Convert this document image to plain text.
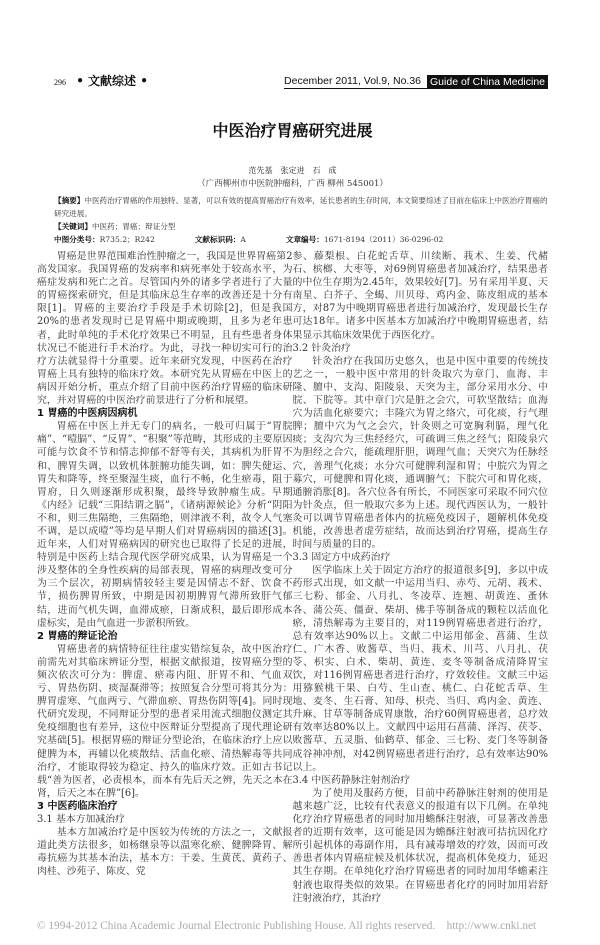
296 • 文献综述 •	December 2011, Vol.9, No.36 Guide of China Medicine
中医治疗胃癌研究进展
范先基　张定进　石　成
（广西柳州市中医院肿瘤科，广西 柳州 545001）
【摘要】中医药治疗胃癌的作用独特、显著，可以有效的提高胃癌治疗有效率，延长患者的生存时间，本文简要综述了目前在临床上中医治疗胃癌的研究进展。
【关键词】中医药；胃癌；辩证分型
中图分类号：R735.2；R242	文献标识码：A	文章编号：1671-8194（2011）36-0296-02

胃癌是世界范围难治性肿瘤之一，我国是世界胃癌第2高发国家。我国胃癌的发病率和病死率处于较高水平，为癌症发病和死亡之首。尽管国内外的诸多学者进行了大量的胃癌探索研究，但是其临床总生存率的改善还是十分有限[1]。胃癌的主要治疗手段是手术切除[2]，但是我国20%的患者发现时已是胃癌中期或晚期，且多为老年患者，此时单纯的手术化疗效果已不明显，且有些患者身体状况已不能进行手术治疗。为此，寻找一种切实可行的治疗方法就显得十分重要。近年来研究发现，中医药在治疗胃癌上具有独特的临床疗效。本研究先从胃癌在中医上的病因开始分析，重点介绍了目前中医药治疗胃癌的临床研究，并对胃癌的中医治疗前景进行了分析和展望。

1 胃癌的中医病因病机

胃癌在中医上并无专门的病名，一般可归属于“胃脘痛”、“噎膈”、“反胃”、“积聚”等范畴，其形成的主要原因可能与饮食不节和情志抑郁不舒等有关，其病机为肝胃不和、脾胃失调，以致机体脏腑功能失调，如：脾失健运、胃失和降等，终至聚湿生痰，血行不畅，化生瘀毒，阻于胃府，日久则逐渐形成积聚，最终导致肿瘤生成。早期《内经》记载“三阳结谓之膈”，《诸病源候论》分析“阴阳不和，则三焦隔绝，三焦隔绝，则津液不利，故令人气塞不调，是以成噎”等均是早期人们对胃癌病因的描述[3]。近年来，人们对胃癌病因的研究也已取得了长足的进展，特别是中医药上结合现代医学研究成果，认为胃癌是一个涉及整体的全身性疾病的局部表现，胃癌的病理改变可分为三个层次，初期病情较轻主要是因情志不舒、饮食不节，损伤脾胃所致，中期是因初期脾胃气滞所致肝气郁结，进而气机失调，血滞成瘀，日渐成积，最后即形成本虚标实，是由气血进一步淤积所致。

2 胃癌的辩证论治

胃癌患者的病情特征往往虚实错综复杂，故中医治疗前需先对其临床辨证分型，根据文献报道，按胃癌分型的频次依次可分为：脾虚、瘀毒内阻、肝胃不和、气血双亏、胃热伤阴、痰湿凝滞等；按照复合分型可将其分为：脾胃虚寒、气血两亏、气滞血瘀、胃热伤阴等[4]。同时现代研究发现，不同辩证分型的患者采用流式细胞仪测定其免疫细胞也有差异，这位中医辩证分型提高了现代理论研究基础[5]。根据胃癌的辩证分型论治，在临床治疗上应以健脾为本，再辅以化痰散结、活血化瘀、清热解毒等共同治疗，才能取得较为稳定、持久的临床疗效。正如古书记载“善为医者，必责根本，而本有先后天之辨，先天之本在肾，后天之本在脾”[6]。

3 中医药临床治疗
3.1 基本方加减治疗

基本方加减治疗是中医较为传统的方法之一，文献报道此类方法很多，如杨继泉等以温寒化瘀、健脾降胃、解毒抗癌为其基本治法，基本方：干姜、生黄芪、黄药子、肉桂、沙苑子、陈皮、党

参、藤梨根、白花蛇舌草、川续断、莪术、生姜、代赭石、槟榔、大枣等，对69例胃癌患者加减治疗，结果患者的中位生存期为2.45年，效果较好[7]。另有采用半夏、天南星、白芥子、全蝎、川贝母、鸡内金、陈皮组成的基本方，对87为中晚期胃癌患者进行加减治疗，发现最长生存可达18年。诸多中医基本方加减治疗中晚期胃癌患者，结果显示其临床效果优于西医化疗。

3.2 针灸治疗

针灸治疗在我国历史悠久，也是中医中重要的传统技艺之一，一般中医中常用的针灸取穴为章门、血海、丰隆、膻中、支沟、阳陵泉、天突为主，部分采用水分、中脘、下脘等。其中章门穴是脏之会穴，可软坚散结；血海穴为活血化瘀要穴；丰隆穴为胃之络穴，可化痰，行气理脾；膻中穴为气之会穴，针灸则之可宽胸利膈，理气化痰；支沟穴为三焦经经穴，可疏调三焦之经气；阳陵泉穴为胆经之合穴，能疏理肝胆，调理气血；天突穴为任脉经穴，善理气化痰；水分穴可健脾利湿和胃；中脘穴为胃之募穴，可健脾和胃化痰，通调腑气；下脘穴可和胃化痰，通腑消胀[8]。各穴位各有所长，不同医家可采取不同穴位为针灸点，但一般取穴多为上述。现代西医认为，一般针灸可以调节胃癌患者体内的抗癌免疫因子，题解机体免疫机能，改善患者虚劳症结，故而达到治疗胃癌，提高生存时间与质量的目的。

3.3 固定方中成药治疗

医学临床上关于固定方治疗的报道很多[9]，多以中成药形式出现，如文献一中运用当归、赤芍、元胡、莪术、三七粉、郁金、八月扎、冬凌草、连翘、胡黄连、蚤休各、蒲公英、僵蚕、柴胡、佛手等制备成的颗粒以活血化瘀，清热解毒为主要目的，对119例胃癌患者进行治疗，总有效率达90%以上。文献二中运用郁金、菖蒲、生苡仁、广木香、败酱草、当归、莪术、川芎、八月扎、茯苓、枳实、白术、柴胡、黄连、麦冬等制备成清降胃宝饮，对116例胃癌患者进行治疗，疗效较佳。文献三中运用猕猴桃干果、白芍、生山查、桃仁、白花蛇舌草、生地、麦冬、生石膏、知母、枳壳、当归、鸡内金、黄连、升麻、甘草等制备成胃康散，治疗60例胃癌患者，总疗效有效率达80%以上。文献四中运用石菖蒲、泽泻、茯苓、败酱草、五灵脂、仙鹤草、郁金、三七粉、麦门冬等制备成谷神冲剂，对42例胃癌患者进行治疗，总有效率达90%以上。

3.4 中医药静脉注射剂治疗

为了使用及服药方便，目前中药静脉注射剂的使用是越来越广泛，比较有代表意义的报道有以下几例。在单纯化疗治疗胃癌患者的同时加用蟾酥注射液，可显著改善患者的近期有效率，这可能是因为蟾酥注射液可拮抗因化疗所引起机体的毒副作用，具有减毒增效的疗效，因而可改善患者体内胃癌症候及机体状况，提高机体免疫力，延迟其生存期。在单纯化疗治疗胃癌患者的同时加用华蟾素注射液也取得类似的效果。在胃癌患者化疗的同时加用岩舒注射液治疗，其治疗

© 1994-2012 China Academic Journal Electronic Publishing House. All rights reserved. http://www.cnki.net
